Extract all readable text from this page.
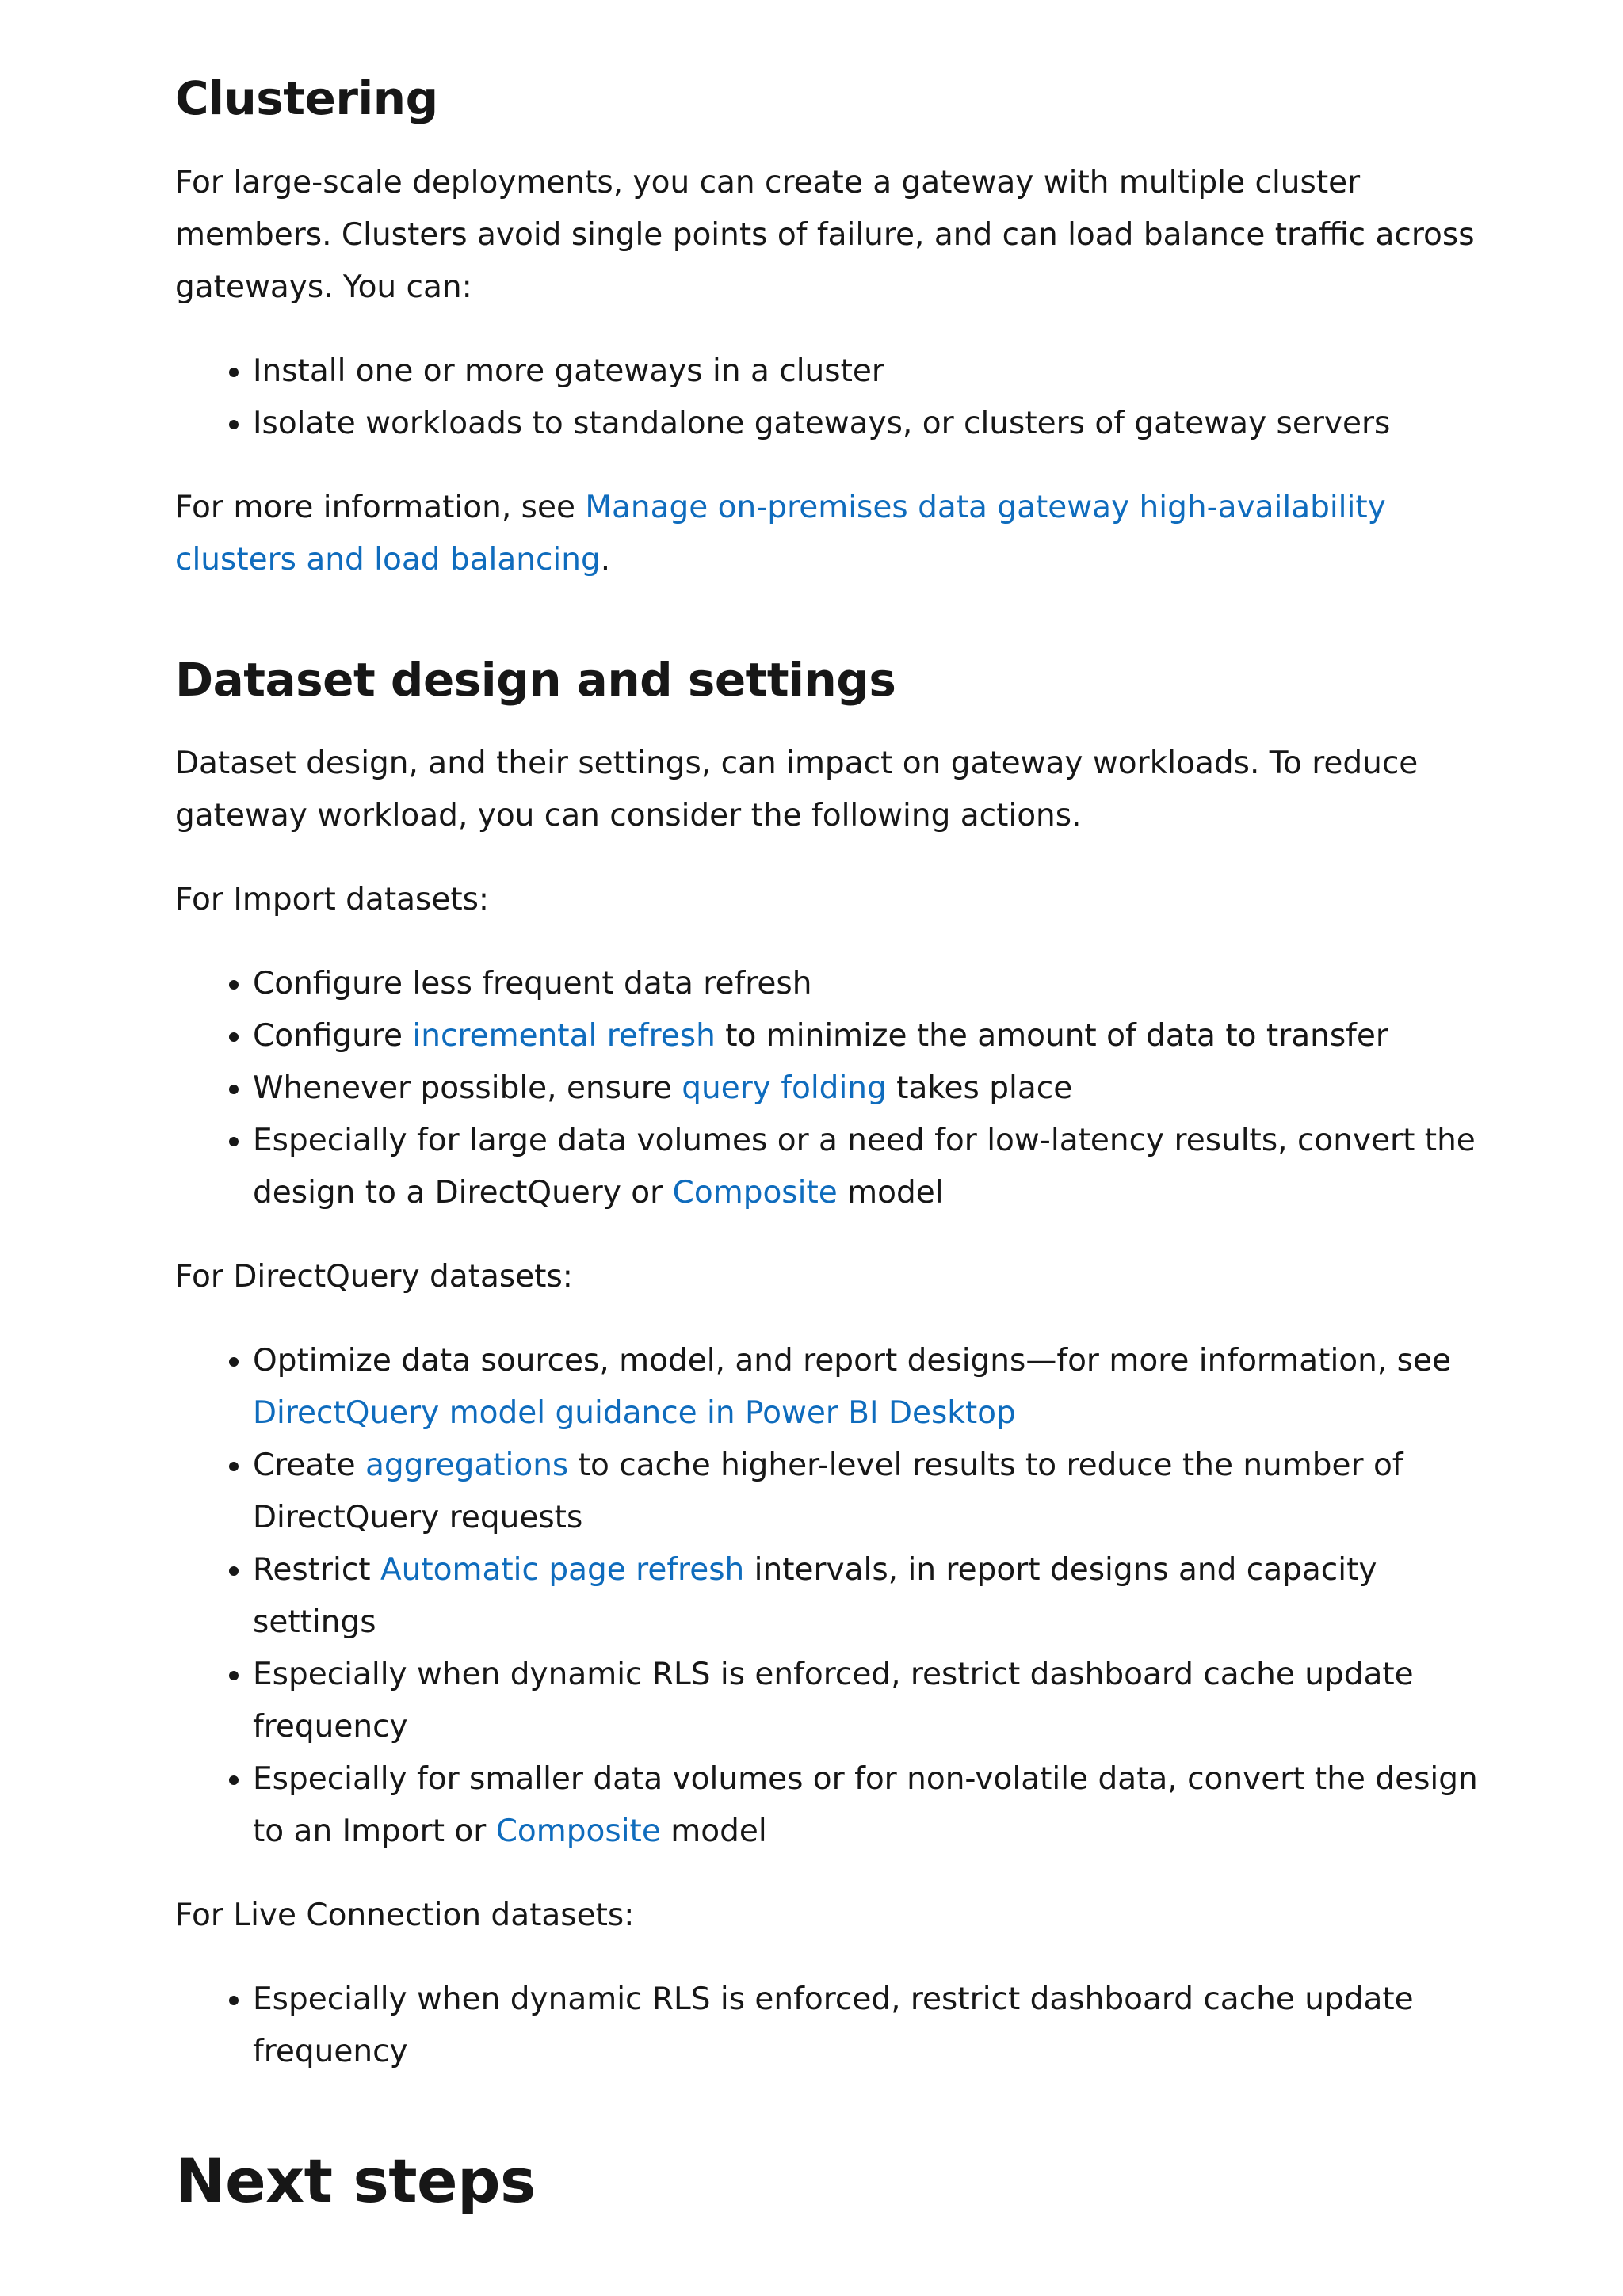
Clustering

For large-scale deployments, you can create a gateway with multiple cluster members. Clusters avoid single points of failure, and can load balance traffic across gateways. You can:

• Install one or more gateways in a cluster
• Isolate workloads to standalone gateways, or clusters of gateway servers

For more information, see Manage on-premises data gateway high-availability clusters and load balancing.

Dataset design and settings

Dataset design, and their settings, can impact on gateway workloads. To reduce gateway workload, you can consider the following actions.

For Import datasets:

• Configure less frequent data refresh
• Configure incremental refresh to minimize the amount of data to transfer
• Whenever possible, ensure query folding takes place
• Especially for large data volumes or a need for low-latency results, convert the design to a DirectQuery or Composite model

For DirectQuery datasets:

• Optimize data sources, model, and report designs—for more information, see DirectQuery model guidance in Power BI Desktop
• Create aggregations to cache higher-level results to reduce the number of DirectQuery requests
• Restrict Automatic page refresh intervals, in report designs and capacity settings
• Especially when dynamic RLS is enforced, restrict dashboard cache update frequency
• Especially for smaller data volumes or for non-volatile data, convert the design to an Import or Composite model

For Live Connection datasets:

• Especially when dynamic RLS is enforced, restrict dashboard cache update frequency
Next steps
